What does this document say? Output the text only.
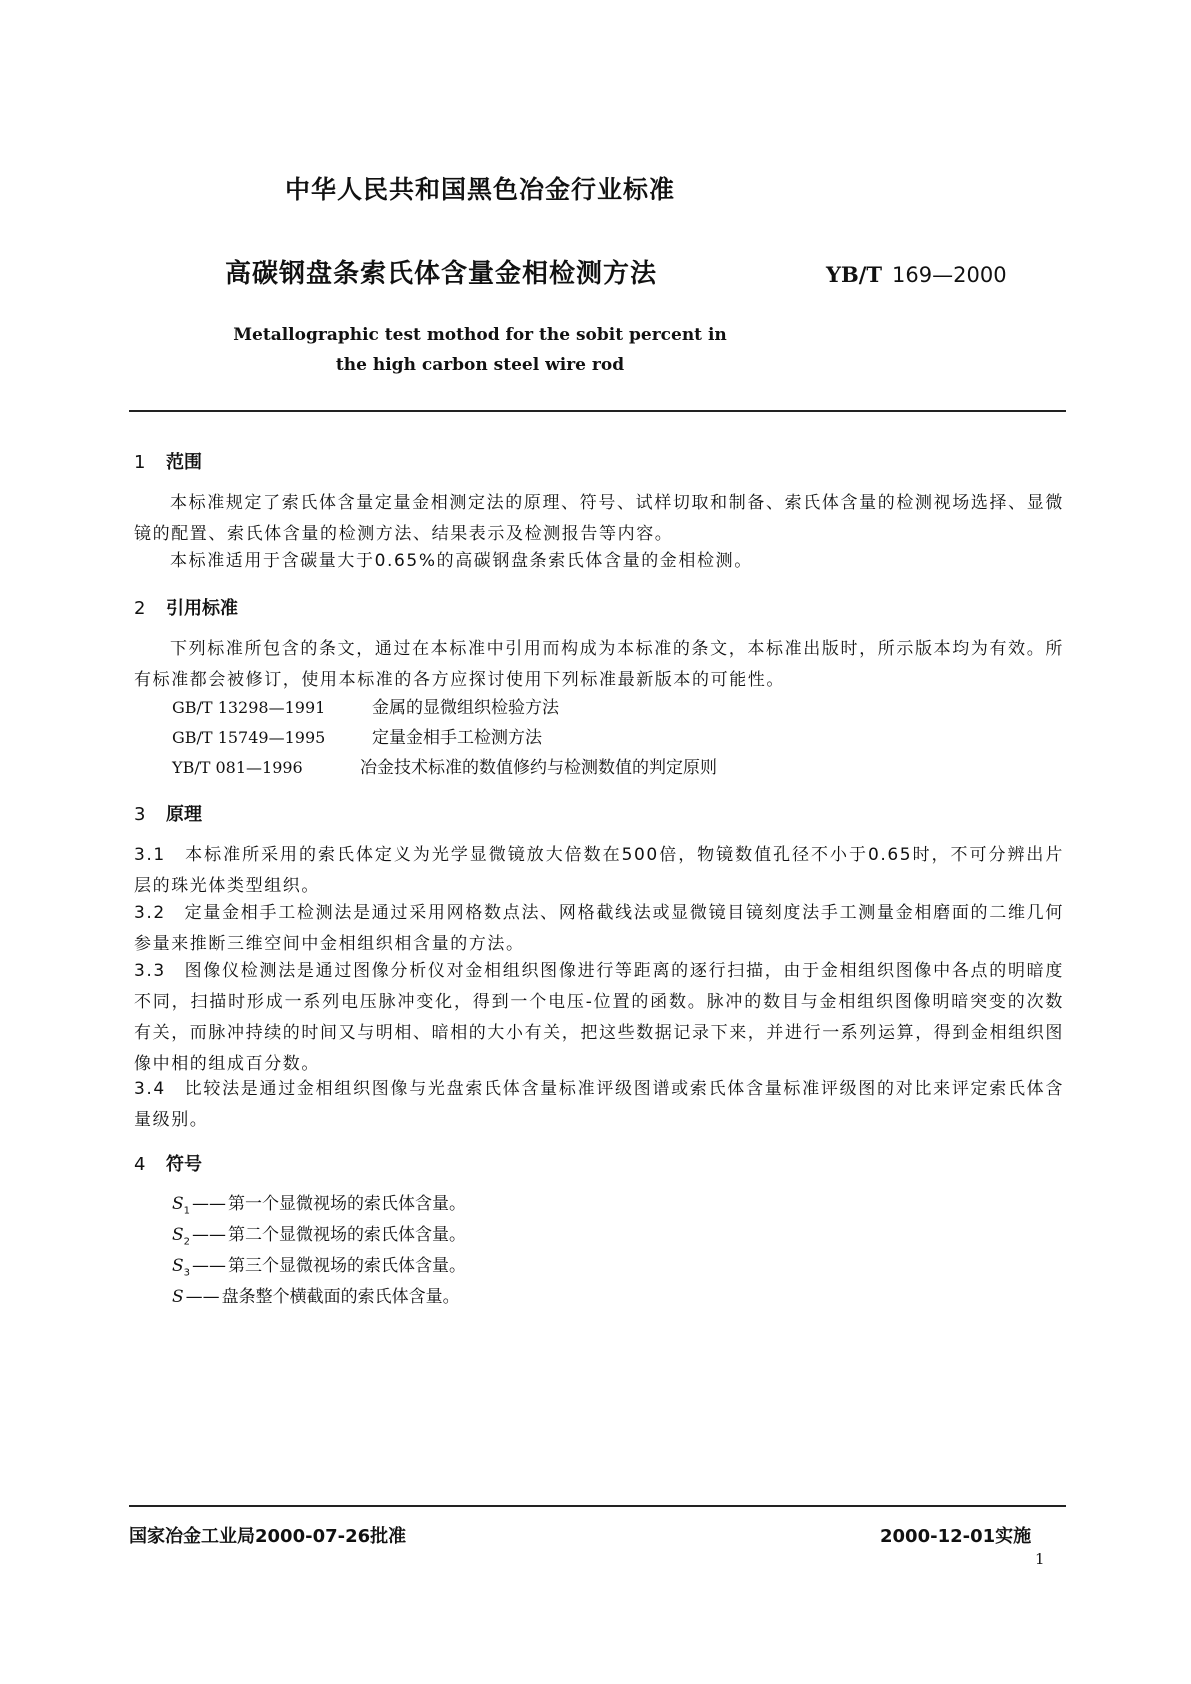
中华人民共和国黑色冶金行业标准
高碳钢盘条索氏体含量金相检测方法	YB/T 169—2000
Metallographic test mothod for the sobit percent in
the high carbon steel wire rod
1 范围
本标准规定了索氏体含量定量金相测定法的原理、符号、试样切取和制备、索氏体含量的检测视场选择、显微镜的配置、索氏体含量的检测方法、结果表示及检测报告等内容。
本标准适用于含碳量大于0.65%的高碳钢盘条索氏体含量的金相检测。
2 引用标准
下列标准所包含的条文，通过在本标准中引用而构成为本标准的条文，本标准出版时，所示版本均为有效。所有标准都会被修订，使用本标准的各方应探讨使用下列标准最新版本的可能性。
GB/T 13298—1991	金属的显微组织检验方法
GB/T 15749—1995	定量金相手工检测方法
YB/T 081—1996	冶金技术标准的数值修约与检测数值的判定原则
3 原理
3.1　本标准所采用的索氏体定义为光学显微镜放大倍数在500倍，物镜数值孔径不小于0.65时，不可分辨出片层的珠光体类型组织。
3.2　定量金相手工检测法是通过采用网格数点法、网格截线法或显微镜目镜刻度法手工测量金相磨面的二维几何参量来推断三维空间中金相组织相含量的方法。
3.3　图像仪检测法是通过图像分析仪对金相组织图像进行等距离的逐行扫描，由于金相组织图像中各点的明暗度不同，扫描时形成一系列电压脉冲变化，得到一个电压-位置的函数。脉冲的数目与金相组织图像明暗突变的次数有关，而脉冲持续的时间又与明相、暗相的大小有关，把这些数据记录下来，并进行一系列运算，得到金相组织图像中相的组成百分数。
3.4　比较法是通过金相组织图像与光盘索氏体含量标准评级图谱或索氏体含量标准评级图的对比来评定索氏体含量级别。
4 符号
$S_1$ —— 第一个显微视场的索氏体含量。
$S_2$ —— 第二个显微视场的索氏体含量。
$S_3$ —— 第三个显微视场的索氏体含量。
S —— 盘条整个横截面的索氏体含量。
国家冶金工业局2000-07-26批准	2000-12-01实施
1
